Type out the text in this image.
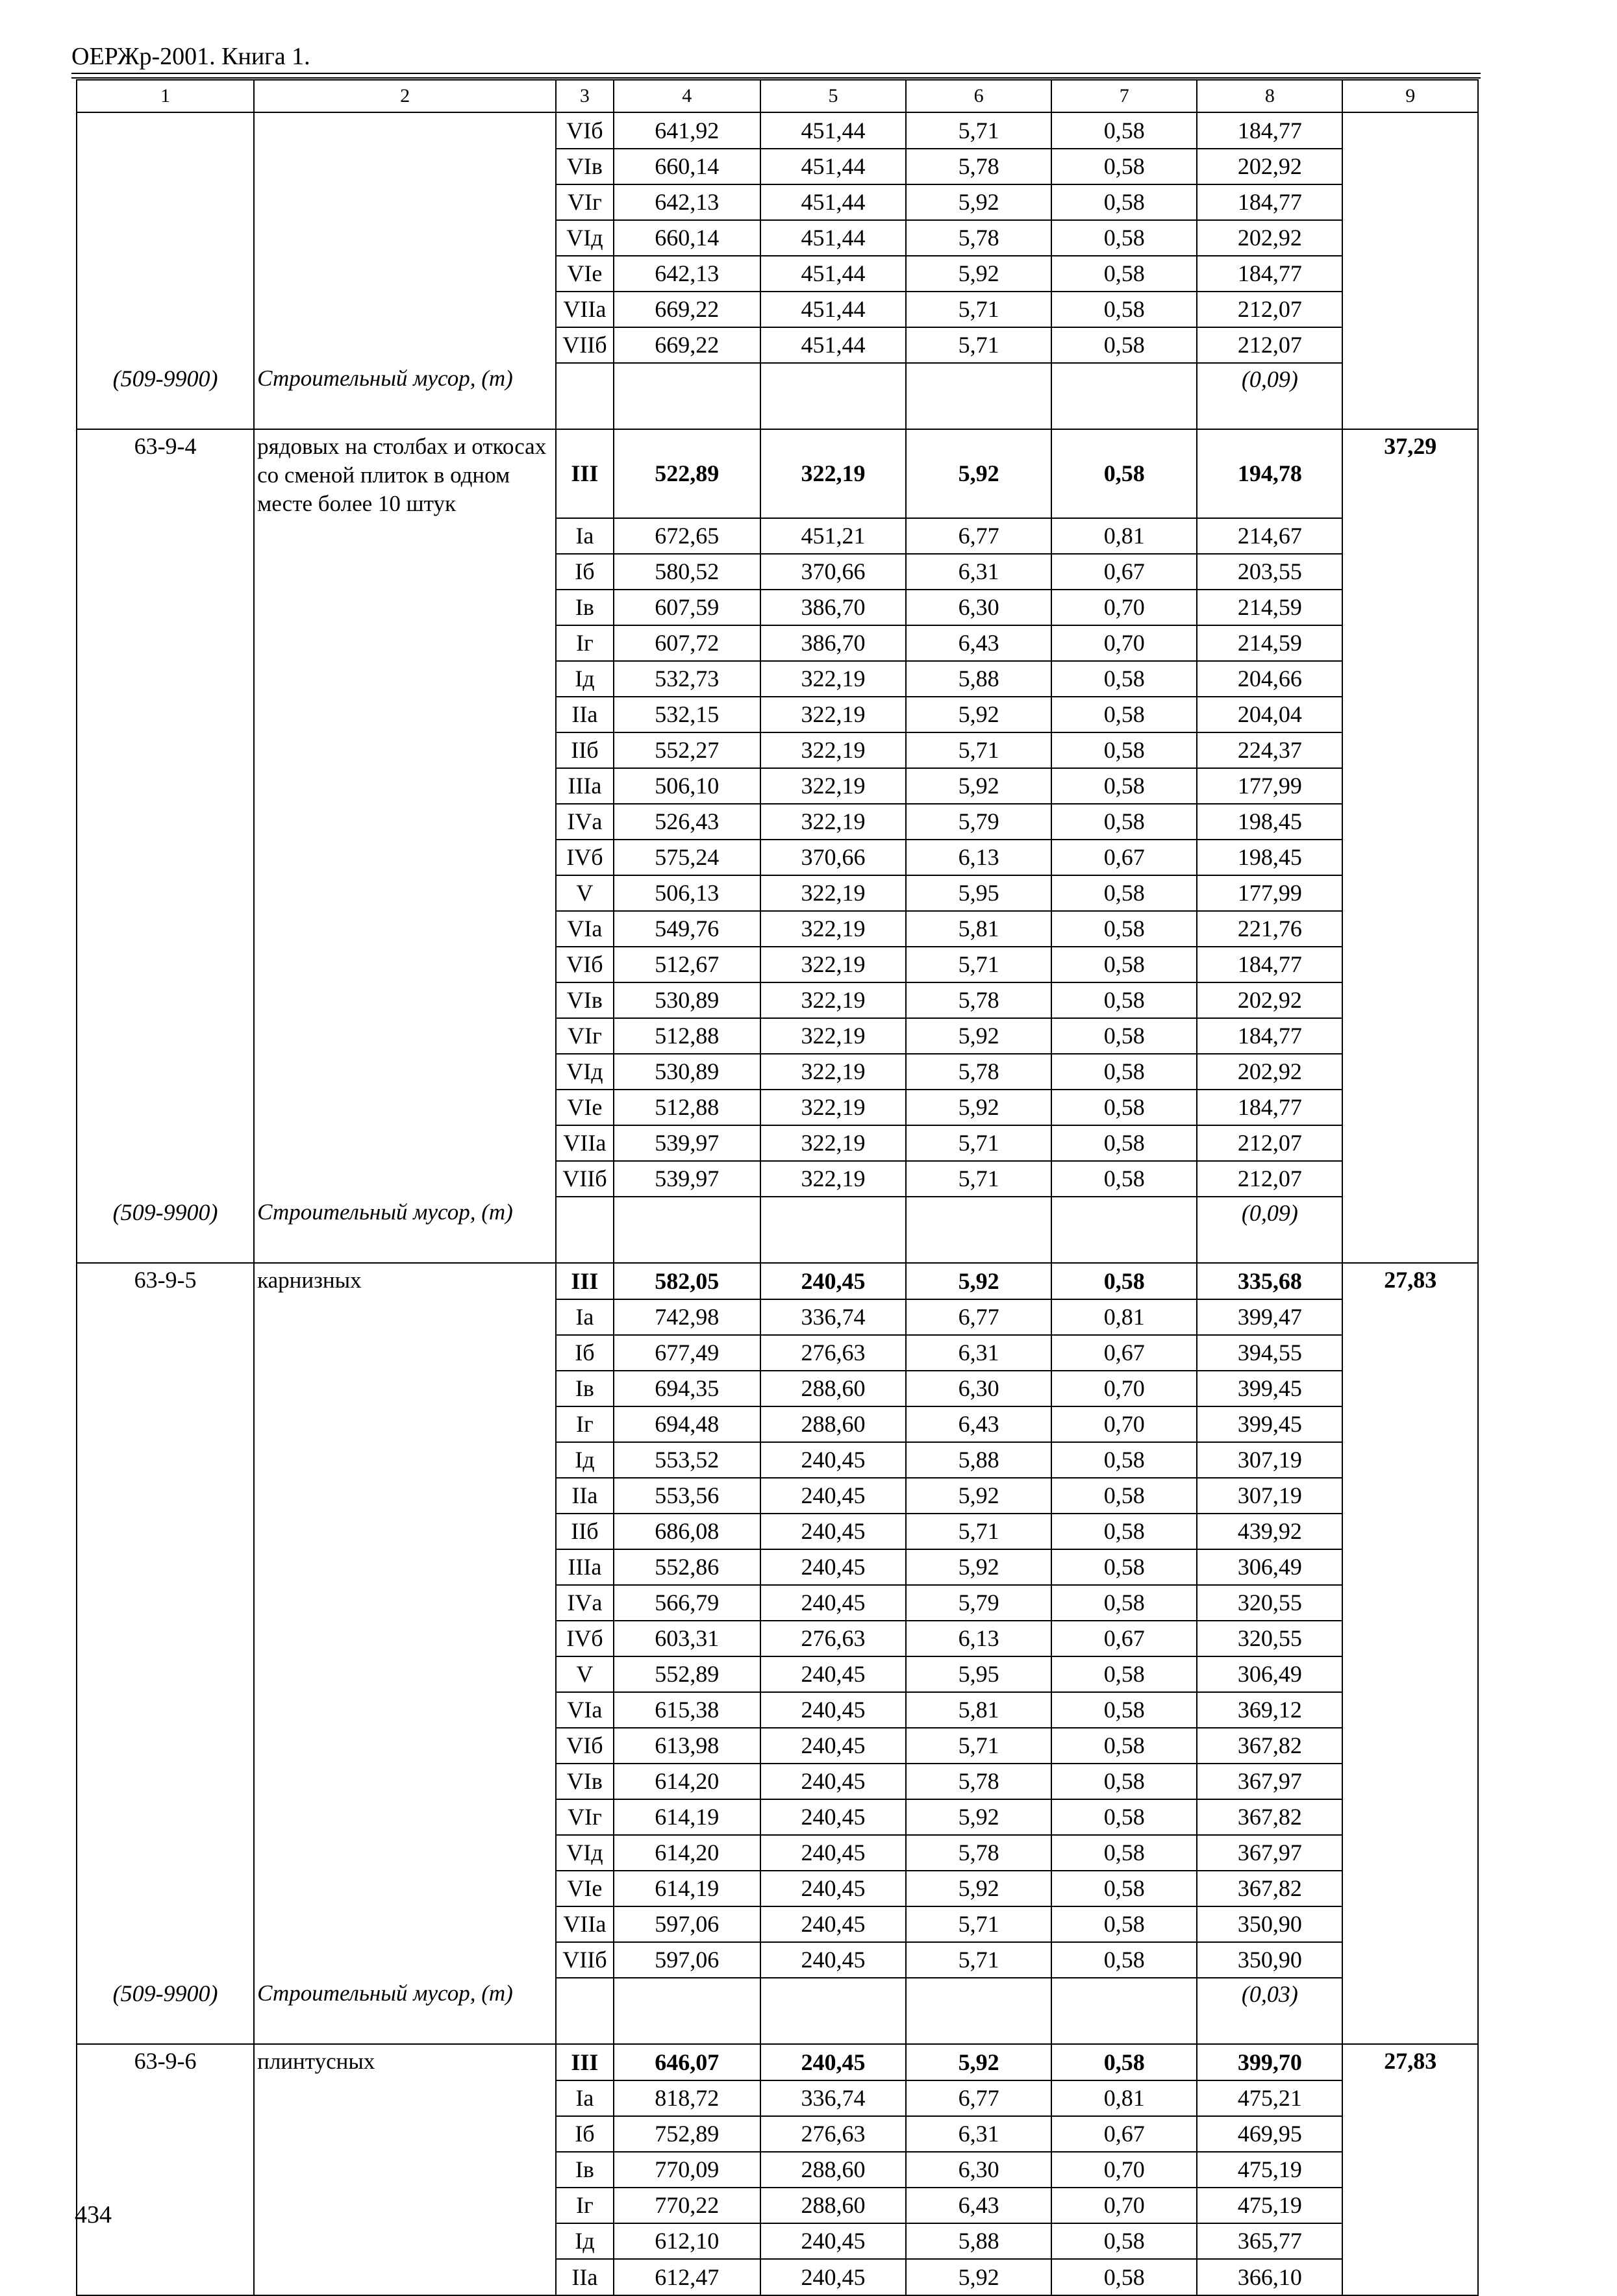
ОЕРЖр-2001. Книга 1.
1	2	3	4	5	6	7	8	9
		VIб	641,92	451,44	5,71	0,58	184,77	
		VIв	660,14	451,44	5,78	0,58	202,92	
		VIг	642,13	451,44	5,92	0,58	184,77	
		VIд	660,14	451,44	5,78	0,58	202,92	
		VIе	642,13	451,44	5,92	0,58	184,77	
		VIIа	669,22	451,44	5,71	0,58	212,07	
		VIIб	669,22	451,44	5,71	0,58	212,07	
(509-9900)	Строительный мусор, (т)						(0,09)	
63-9-4	рядовых на столбах и откосах со сменой плиток в одном месте более 10 штук	III	522,89	322,19	5,92	0,58	194,78	37,29
		Iа	672,65	451,21	6,77	0,81	214,67	
		Iб	580,52	370,66	6,31	0,67	203,55	
		Iв	607,59	386,70	6,30	0,70	214,59	
		Iг	607,72	386,70	6,43	0,70	214,59	
		Iд	532,73	322,19	5,88	0,58	204,66	
		IIа	532,15	322,19	5,92	0,58	204,04	
		IIб	552,27	322,19	5,71	0,58	224,37	
		IIIа	506,10	322,19	5,92	0,58	177,99	
		IVа	526,43	322,19	5,79	0,58	198,45	
		IVб	575,24	370,66	6,13	0,67	198,45	
		V	506,13	322,19	5,95	0,58	177,99	
		VIа	549,76	322,19	5,81	0,58	221,76	
		VIб	512,67	322,19	5,71	0,58	184,77	
		VIв	530,89	322,19	5,78	0,58	202,92	
		VIг	512,88	322,19	5,92	0,58	184,77	
		VIд	530,89	322,19	5,78	0,58	202,92	
		VIе	512,88	322,19	5,92	0,58	184,77	
		VIIа	539,97	322,19	5,71	0,58	212,07	
		VIIб	539,97	322,19	5,71	0,58	212,07	
(509-9900)	Строительный мусор, (т)						(0,09)	
63-9-5	карнизных	III	582,05	240,45	5,92	0,58	335,68	27,83
		Iа	742,98	336,74	6,77	0,81	399,47	
		Iб	677,49	276,63	6,31	0,67	394,55	
		Iв	694,35	288,60	6,30	0,70	399,45	
		Iг	694,48	288,60	6,43	0,70	399,45	
		Iд	553,52	240,45	5,88	0,58	307,19	
		IIа	553,56	240,45	5,92	0,58	307,19	
		IIб	686,08	240,45	5,71	0,58	439,92	
		IIIа	552,86	240,45	5,92	0,58	306,49	
		IVа	566,79	240,45	5,79	0,58	320,55	
		IVб	603,31	276,63	6,13	0,67	320,55	
		V	552,89	240,45	5,95	0,58	306,49	
		VIа	615,38	240,45	5,81	0,58	369,12	
		VIб	613,98	240,45	5,71	0,58	367,82	
		VIв	614,20	240,45	5,78	0,58	367,97	
		VIг	614,19	240,45	5,92	0,58	367,82	
		VIд	614,20	240,45	5,78	0,58	367,97	
		VIе	614,19	240,45	5,92	0,58	367,82	
		VIIа	597,06	240,45	5,71	0,58	350,90	
		VIIб	597,06	240,45	5,71	0,58	350,90	
(509-9900)	Строительный мусор, (т)						(0,03)	
63-9-6	плинтусных	III	646,07	240,45	5,92	0,58	399,70	27,83
		Iа	818,72	336,74	6,77	0,81	475,21	
		Iб	752,89	276,63	6,31	0,67	469,95	
		Iв	770,09	288,60	6,30	0,70	475,19	
		Iг	770,22	288,60	6,43	0,70	475,19	
		Iд	612,10	240,45	5,88	0,58	365,77	
		IIа	612,47	240,45	5,92	0,58	366,10	
434
